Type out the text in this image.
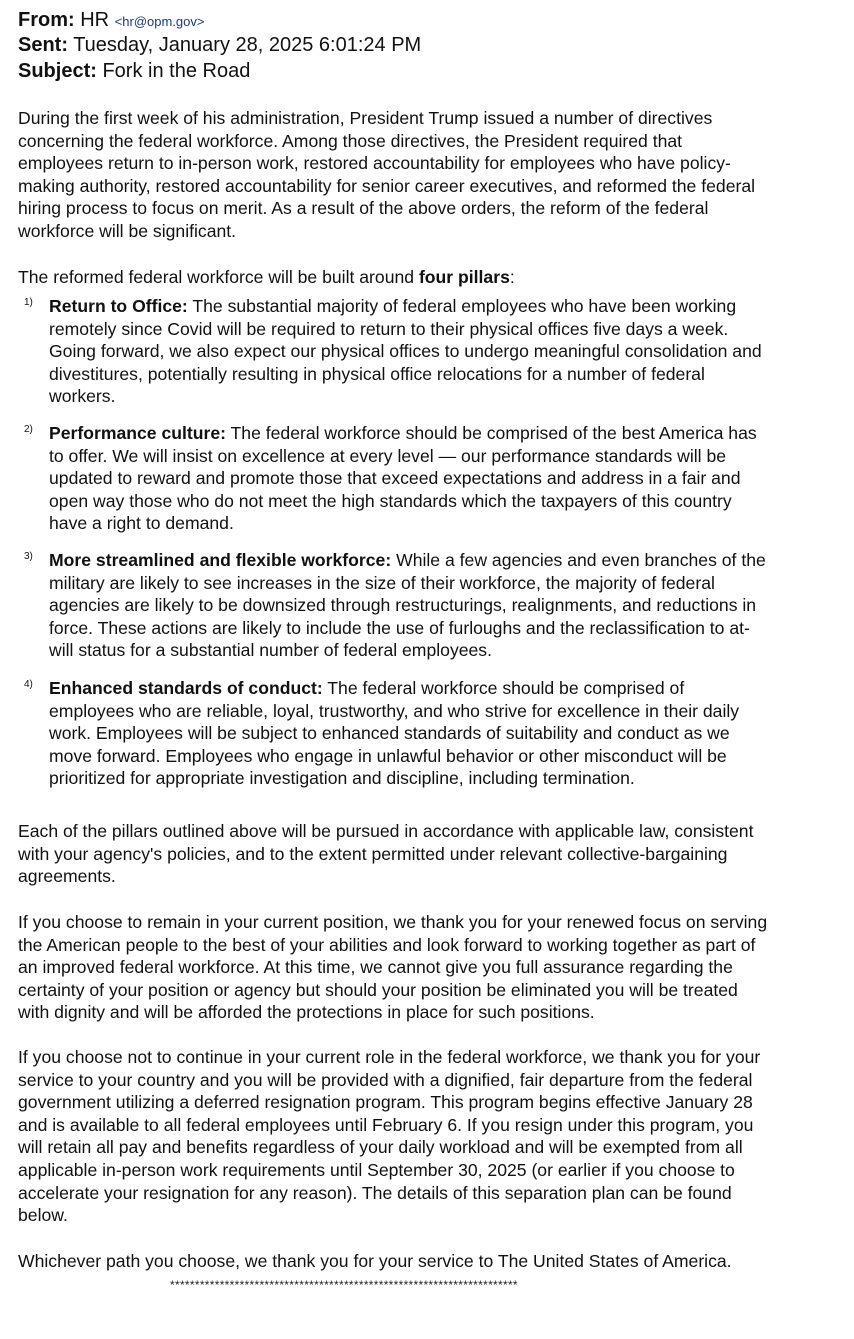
From: HR <hr@opm.gov>
Sent: Tuesday, January 28, 2025 6:01:24 PM
Subject: Fork in the Road
During the first week of his administration, President Trump issued a number of directives
concerning the federal workforce. Among those directives, the President required that
employees return to in-person work, restored accountability for employees who have policy-
making authority, restored accountability for senior career executives, and reformed the federal
hiring process to focus on merit. As a result of the above orders, the reform of the federal
workforce will be significant.
The reformed federal workforce will be built around four pillars:
1) Return to Office: The substantial majority of federal employees who have been working
remotely since Covid will be required to return to their physical offices five days a week.
Going forward, we also expect our physical offices to undergo meaningful consolidation and
divestitures, potentially resulting in physical office relocations for a number of federal
workers.
2) Performance culture: The federal workforce should be comprised of the best America has
to offer. We will insist on excellence at every level — our performance standards will be
updated to reward and promote those that exceed expectations and address in a fair and
open way those who do not meet the high standards which the taxpayers of this country
have a right to demand.
3) More streamlined and flexible workforce: While a few agencies and even branches of the
military are likely to see increases in the size of their workforce, the majority of federal
agencies are likely to be downsized through restructurings, realignments, and reductions in
force. These actions are likely to include the use of furloughs and the reclassification to at-
will status for a substantial number of federal employees.
4) Enhanced standards of conduct: The federal workforce should be comprised of
employees who are reliable, loyal, trustworthy, and who strive for excellence in their daily
work. Employees will be subject to enhanced standards of suitability and conduct as we
move forward. Employees who engage in unlawful behavior or other misconduct will be
prioritized for appropriate investigation and discipline, including termination.
Each of the pillars outlined above will be pursued in accordance with applicable law, consistent
with your agency's policies, and to the extent permitted under relevant collective-bargaining
agreements.
If you choose to remain in your current position, we thank you for your renewed focus on serving
the American people to the best of your abilities and look forward to working together as part of
an improved federal workforce. At this time, we cannot give you full assurance regarding the
certainty of your position or agency but should your position be eliminated you will be treated
with dignity and will be afforded the protections in place for such positions.
If you choose not to continue in your current role in the federal workforce, we thank you for your
service to your country and you will be provided with a dignified, fair departure from the federal
government utilizing a deferred resignation program. This program begins effective January 28
and is available to all federal employees until February 6. If you resign under this program, you
will retain all pay and benefits regardless of your daily workload and will be exempted from all
applicable in-person work requirements until September 30, 2025 (or earlier if you choose to
accelerate your resignation for any reason). The details of this separation plan can be found
below.
Whichever path you choose, we thank you for your service to The United States of America.
**********************************************************************
